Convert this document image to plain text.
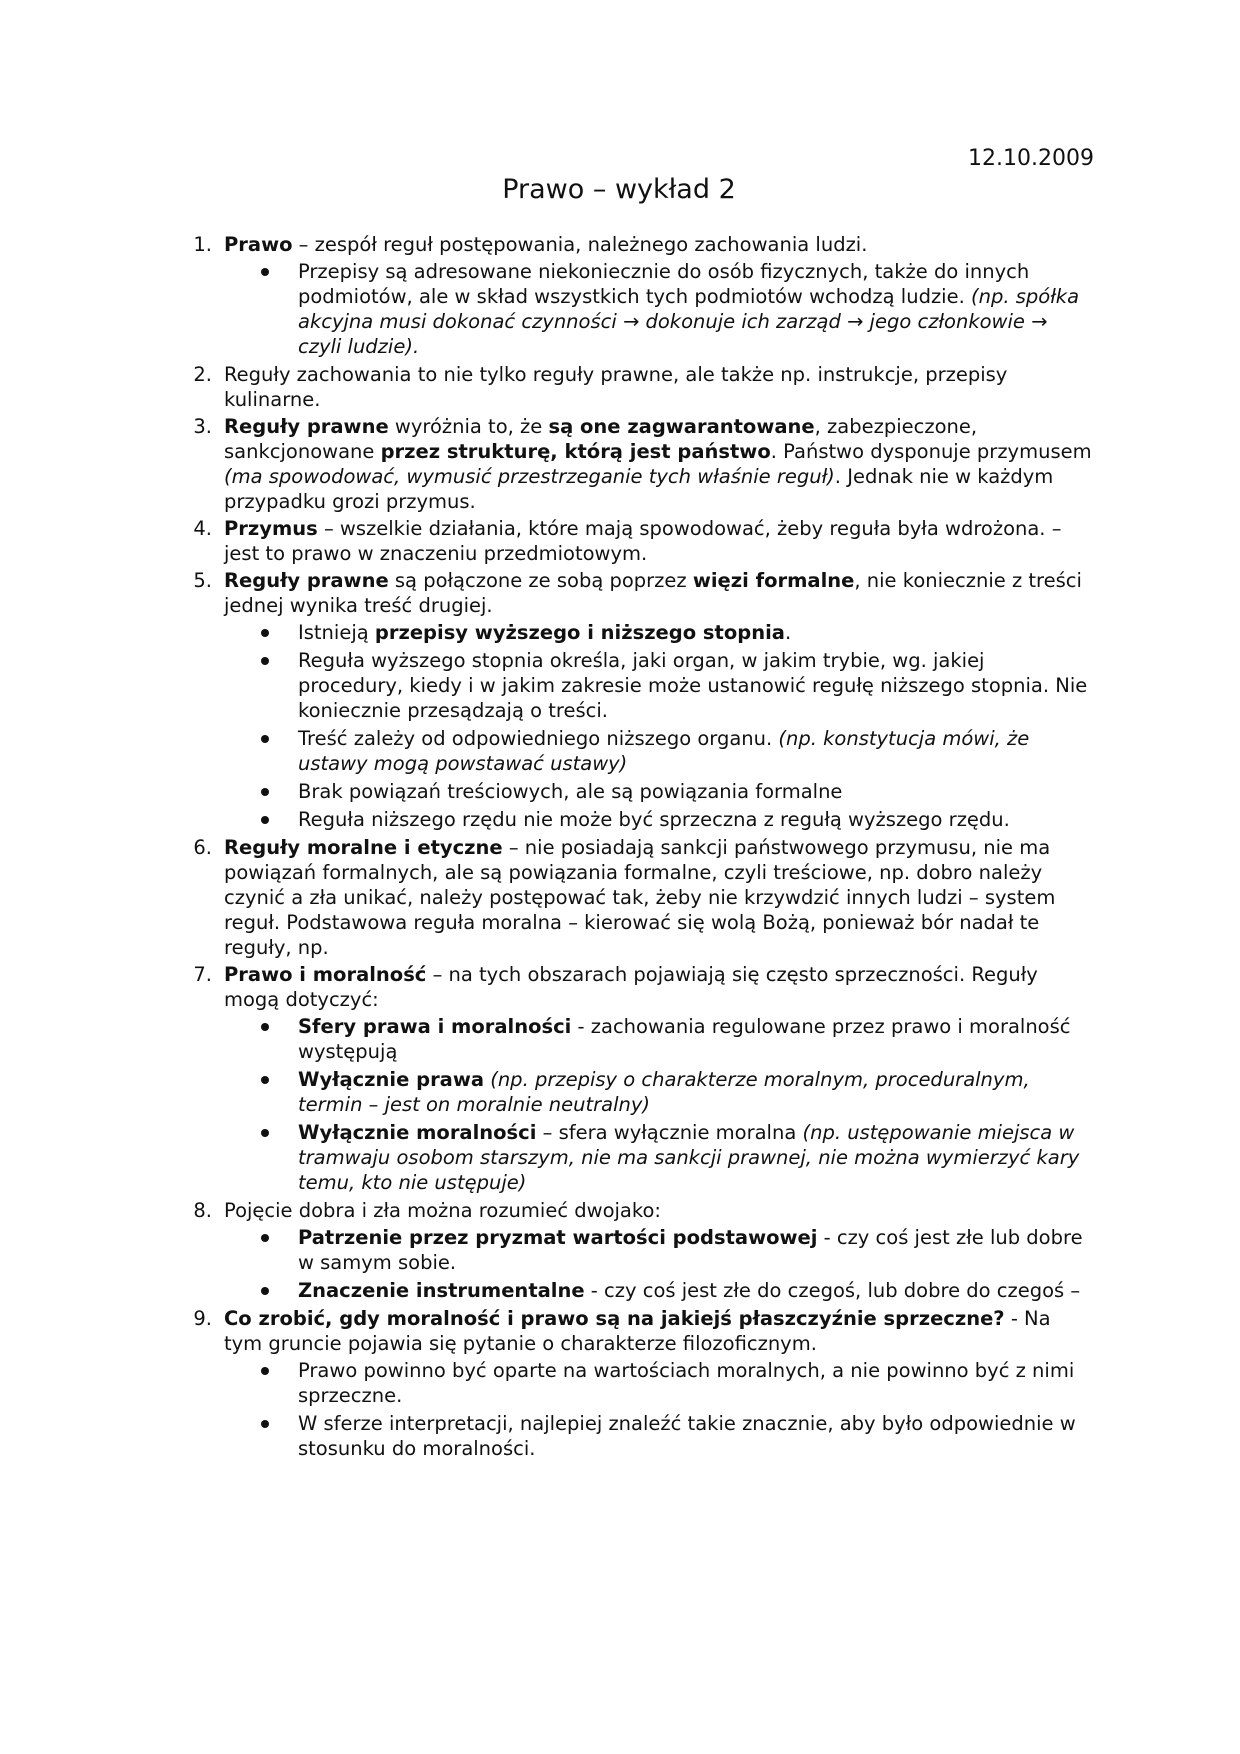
12.10.2009
Prawo – wykład 2
1. Prawo – zespół reguł postępowania, należnego zachowania ludzi.
Przepisy są adresowane niekoniecznie do osób fizycznych, także do innych podmiotów, ale w skład wszystkich tych podmiotów wchodzą ludzie. (np. spółka akcyjna musi dokonać czynności → dokonuje ich zarząd → jego członkowie → czyli ludzie).
2. Reguły zachowania to nie tylko reguły prawne, ale także np. instrukcje, przepisy kulinarne.
3. Reguły prawne wyróżnia to, że są one zagwarantowane, zabezpieczone, sankcjonowane przez strukturę, którą jest państwo. Państwo dysponuje przymusem (ma spowodować, wymusić przestrzeganie tych właśnie reguł). Jednak nie w każdym przypadku grozi przymus.
4. Przymus – wszelkie działania, które mają spowodować, żeby reguła była wdrożona. – jest to prawo w znaczeniu przedmiotowym.
5. Reguły prawne są połączone ze sobą poprzez więzi formalne, nie koniecznie z treści jednej wynika treść drugiej.
Istnieją przepisy wyższego i niższego stopnia.
Reguła wyższego stopnia określa, jaki organ, w jakim trybie, wg. jakiej procedury, kiedy i w jakim zakresie może ustanowić regułę niższego stopnia. Nie koniecznie przesądzają o treści.
Treść zależy od odpowiedniego niższego organu. (np. konstytucja mówi, że ustawy mogą powstawać ustawy)
Brak powiązań treściowych, ale są powiązania formalne
Reguła niższego rzędu nie może być sprzeczna z regułą wyższego rzędu.
6. Reguły moralne i etyczne – nie posiadają sankcji państwowego przymusu, nie ma powiązań formalnych, ale są powiązania formalne, czyli treściowe, np. dobro należy czynić a zła unikać, należy postępować tak, żeby nie krzywdzić innych ludzi – system reguł. Podstawowa reguła moralna – kierować się wolą Bożą, ponieważ bór nadał te reguły, np.
7. Prawo i moralność – na tych obszarach pojawiają się często sprzeczności. Reguły mogą dotyczyć:
Sfery prawa i moralności - zachowania regulowane przez prawo i moralność występują
Wyłącznie prawa (np. przepisy o charakterze moralnym, proceduralnym, termin – jest on moralnie neutralny)
Wyłącznie moralności – sfera wyłącznie moralna (np. ustępowanie miejsca w tramwaju osobom starszym, nie ma sankcji prawnej, nie można wymierzyć kary temu, kto nie ustępuje)
8. Pojęcie dobra i zła można rozumieć dwojako:
Patrzenie przez pryzmat wartości podstawowej - czy coś jest złe lub dobre w samym sobie.
Znaczenie instrumentalne - czy coś jest złe do czegoś, lub dobre do czegoś –
9. Co zrobić, gdy moralność i prawo są na jakiejś płaszczyźnie sprzeczne? - Na tym gruncie pojawia się pytanie o charakterze filozoficznym.
Prawo powinno być oparte na wartościach moralnych, a nie powinno być z nimi sprzeczne.
W sferze interpretacji, najlepiej znaleźć takie znacznie, aby było odpowiednie w stosunku do moralności.
